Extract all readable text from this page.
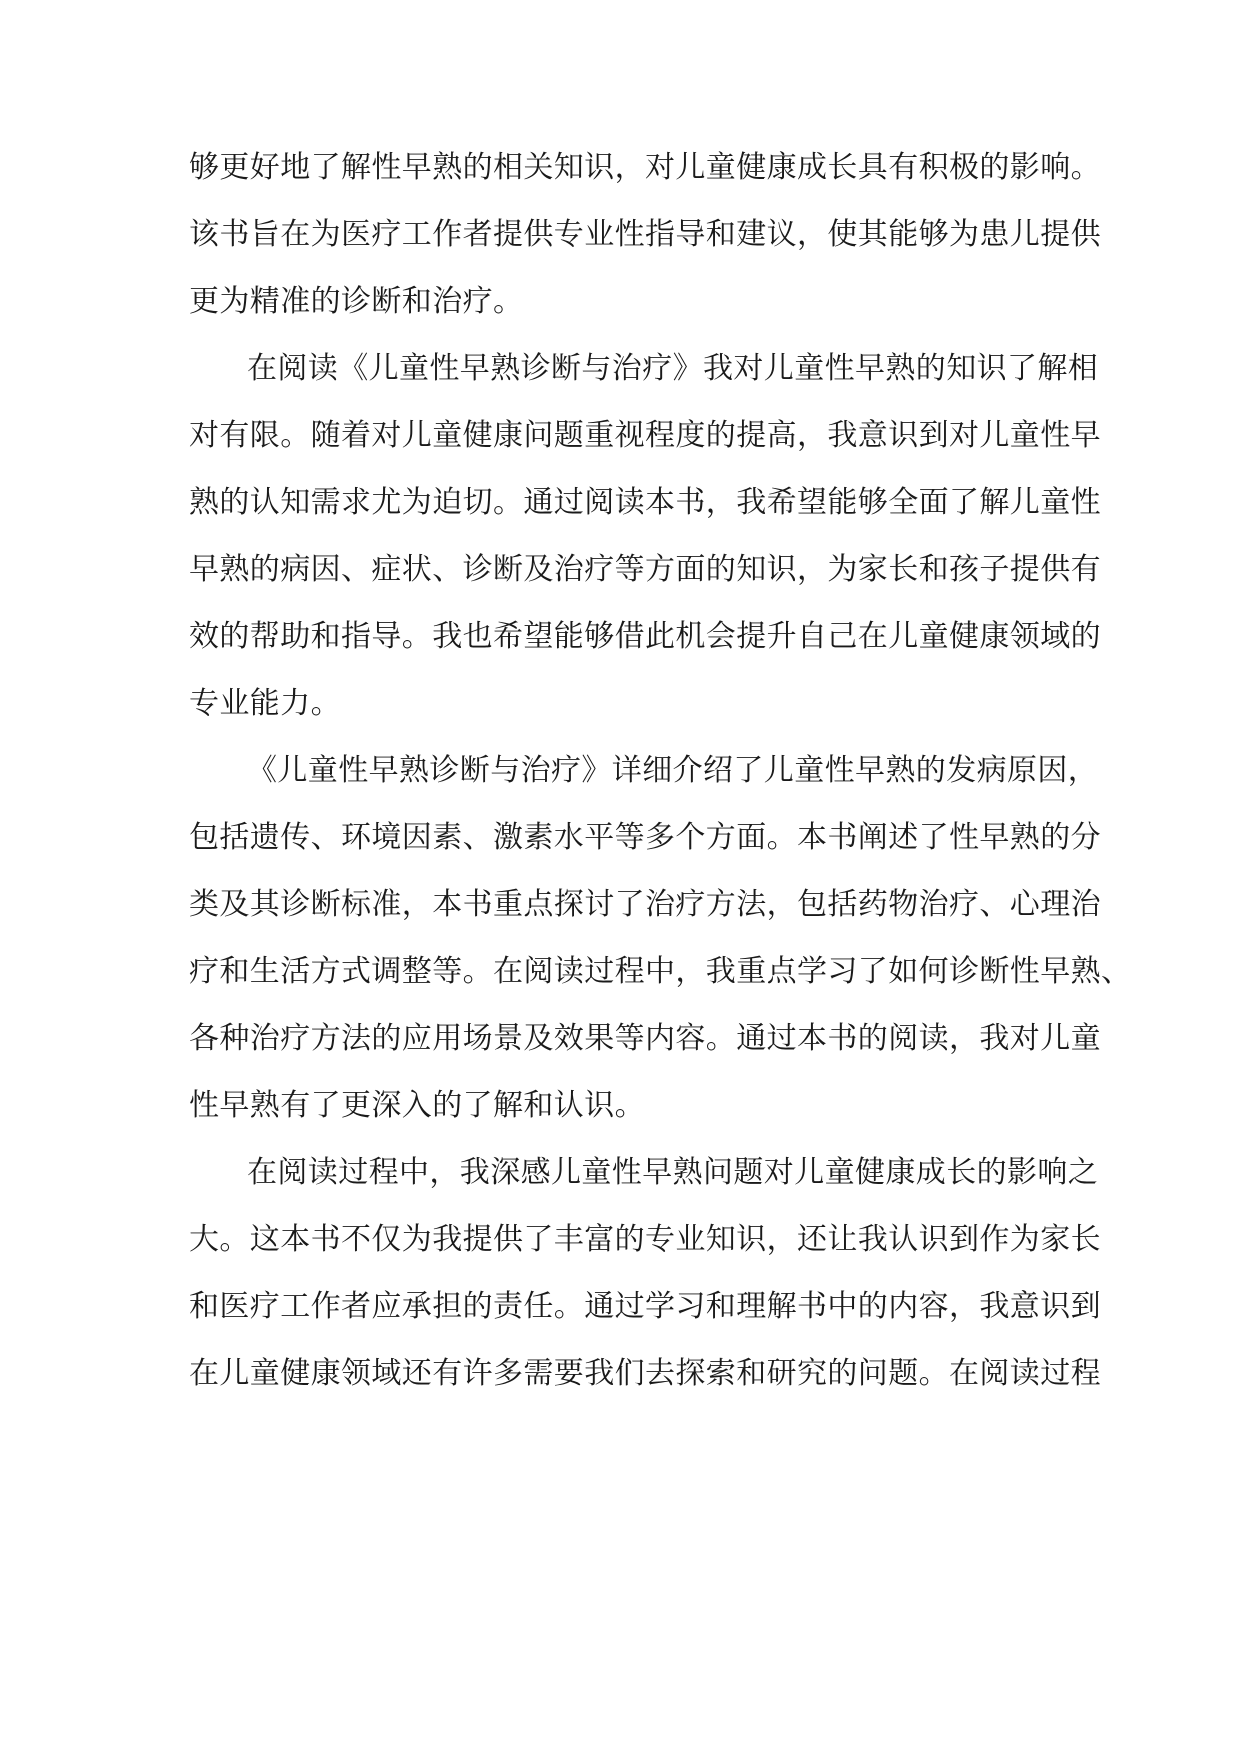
够更好地了解性早熟的相关知识，对儿童健康成长具有积极的影响。
该书旨在为医疗工作者提供专业性指导和建议，使其能够为患儿提供
更为精准的诊断和治疗。
在阅读《儿童性早熟诊断与治疗》我对儿童性早熟的知识了解相
对有限。随着对儿童健康问题重视程度的提高，我意识到对儿童性早
熟的认知需求尤为迫切。通过阅读本书，我希望能够全面了解儿童性
早熟的病因、症状、诊断及治疗等方面的知识，为家长和孩子提供有
效的帮助和指导。我也希望能够借此机会提升自己在儿童健康领域的
专业能力。
《儿童性早熟诊断与治疗》详细介绍了儿童性早熟的发病原因，
包括遗传、环境因素、激素水平等多个方面。本书阐述了性早熟的分
类及其诊断标准，本书重点探讨了治疗方法，包括药物治疗、心理治
疗和生活方式调整等。在阅读过程中，我重点学习了如何诊断性早熟、
各种治疗方法的应用场景及效果等内容。通过本书的阅读，我对儿童
性早熟有了更深入的了解和认识。
在阅读过程中，我深感儿童性早熟问题对儿童健康成长的影响之
大。这本书不仅为我提供了丰富的专业知识，还让我认识到作为家长
和医疗工作者应承担的责任。通过学习和理解书中的内容，我意识到
在儿童健康领域还有许多需要我们去探索和研究的问题。在阅读过程
